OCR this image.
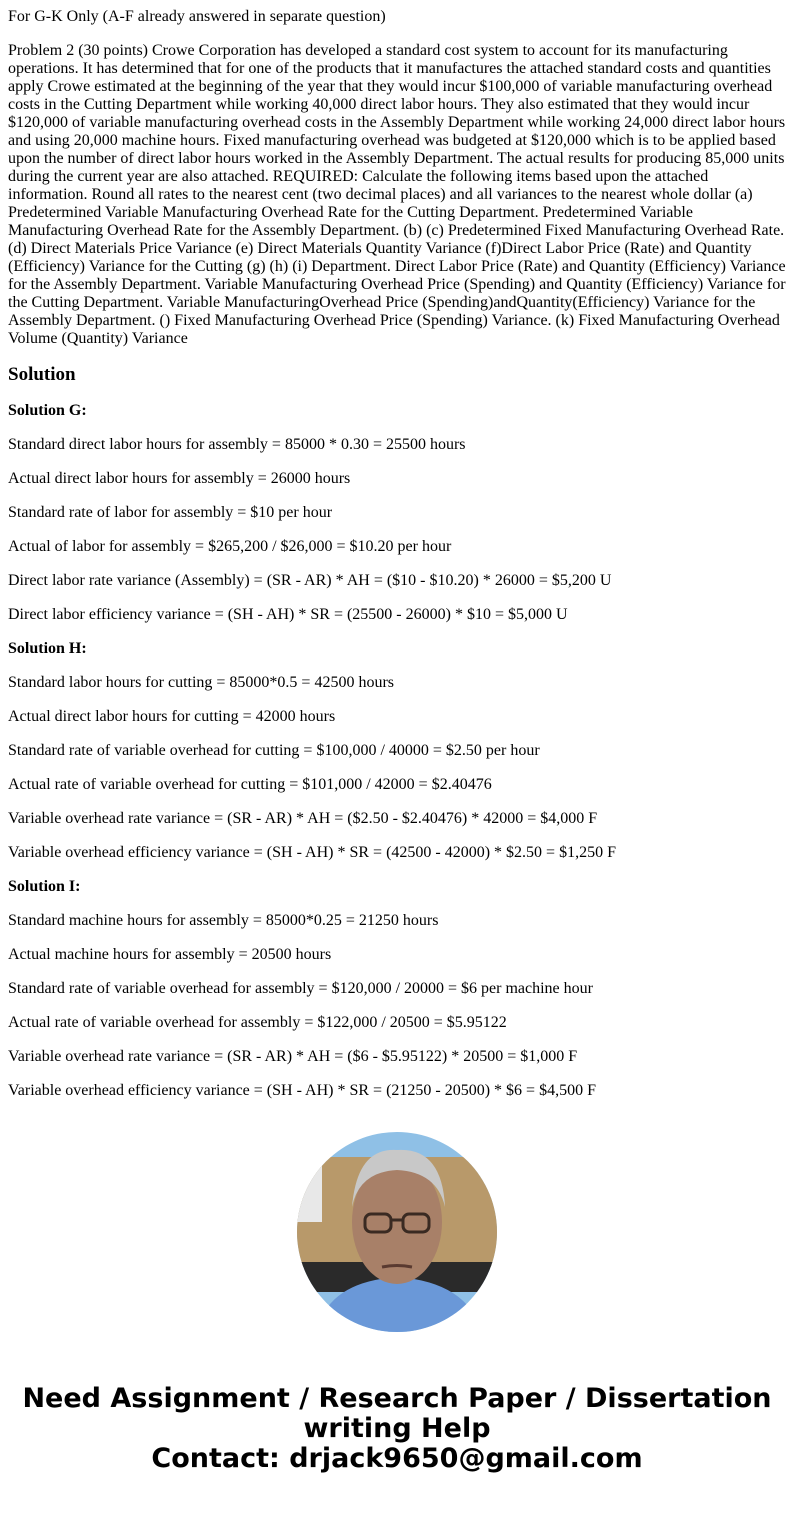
For G-K Only (A-F already answered in separate question)

Problem 2 (30 points) Crowe Corporation has developed a standard cost system to account for its manufacturing operations. It has determined that for one of the products that it manufactures the attached standard costs and quantities apply Crowe estimated at the beginning of the year that they would incur $100,000 of variable manufacturing overhead costs in the Cutting Department while working 40,000 direct labor hours. They also estimated that they would incur $120,000 of variable manufacturing overhead costs in the Assembly Department while working 24,000 direct labor hours and using 20,000 machine hours. Fixed manufacturing overhead was budgeted at $120,000 which is to be applied based upon the number of direct labor hours worked in the Assembly Department. The actual results for producing 85,000 units during the current year are also attached. REQUIRED: Calculate the following items based upon the attached information. Round all rates to the nearest cent (two decimal places) and all variances to the nearest whole dollar (a) Predetermined Variable Manufacturing Overhead Rate for the Cutting Department. Predetermined Variable Manufacturing Overhead Rate for the Assembly Department. (b) (c) Predetermined Fixed Manufacturing Overhead Rate. (d) Direct Materials Price Variance (e) Direct Materials Quantity Variance (f)Direct Labor Price (Rate) and Quantity (Efficiency) Variance for the Cutting (g) (h) (i) Department. Direct Labor Price (Rate) and Quantity (Efficiency) Variance for the Assembly Department. Variable Manufacturing Overhead Price (Spending) and Quantity (Efficiency) Variance for the Cutting Department. Variable ManufacturingOverhead Price (Spending)andQuantity(Efficiency) Variance for the Assembly Department. () Fixed Manufacturing Overhead Price (Spending) Variance. (k) Fixed Manufacturing Overhead Volume (Quantity) Variance

Solution

Solution G:

Standard direct labor hours for assembly = 85000 * 0.30 = 25500 hours

Actual direct labor hours for assembly = 26000 hours

Standard rate of labor for assembly = $10 per hour

Actual of labor for assembly = $265,200 / $26,000 = $10.20 per hour

Direct labor rate variance (Assembly) = (SR - AR) * AH = ($10 - $10.20) * 26000 = $5,200 U

Direct labor efficiency variance = (SH - AH) * SR = (25500 - 26000) * $10 = $5,000 U

Solution H:

Standard labor hours for cutting = 85000*0.5 = 42500 hours

Actual direct labor hours for cutting = 42000 hours

Standard rate of variable overhead for cutting = $100,000 / 40000 = $2.50 per hour

Actual rate of variable overhead for cutting = $101,000 / 42000 = $2.40476

Variable overhead rate variance = (SR - AR) * AH = ($2.50 - $2.40476) * 42000 = $4,000 F

Variable overhead efficiency variance = (SH - AH) * SR = (42500 - 42000) * $2.50 = $1,250 F

Solution I:

Standard machine hours for assembly = 85000*0.25 = 21250 hours

Actual machine hours for assembly = 20500 hours

Standard rate of variable overhead for assembly = $120,000 / 20000 = $6 per machine hour

Actual rate of variable overhead for assembly = $122,000 / 20500 = $5.95122

Variable overhead rate variance = (SR - AR) * AH = ($6 - $5.95122) * 20500 = $1,000 F

Variable overhead efficiency variance = (SH - AH) * SR = (21250 - 20500) * $6 = $4,500 F

Need Assignment / Research Paper / Dissertation writing Help
Contact: drjack9650@gmail.com
